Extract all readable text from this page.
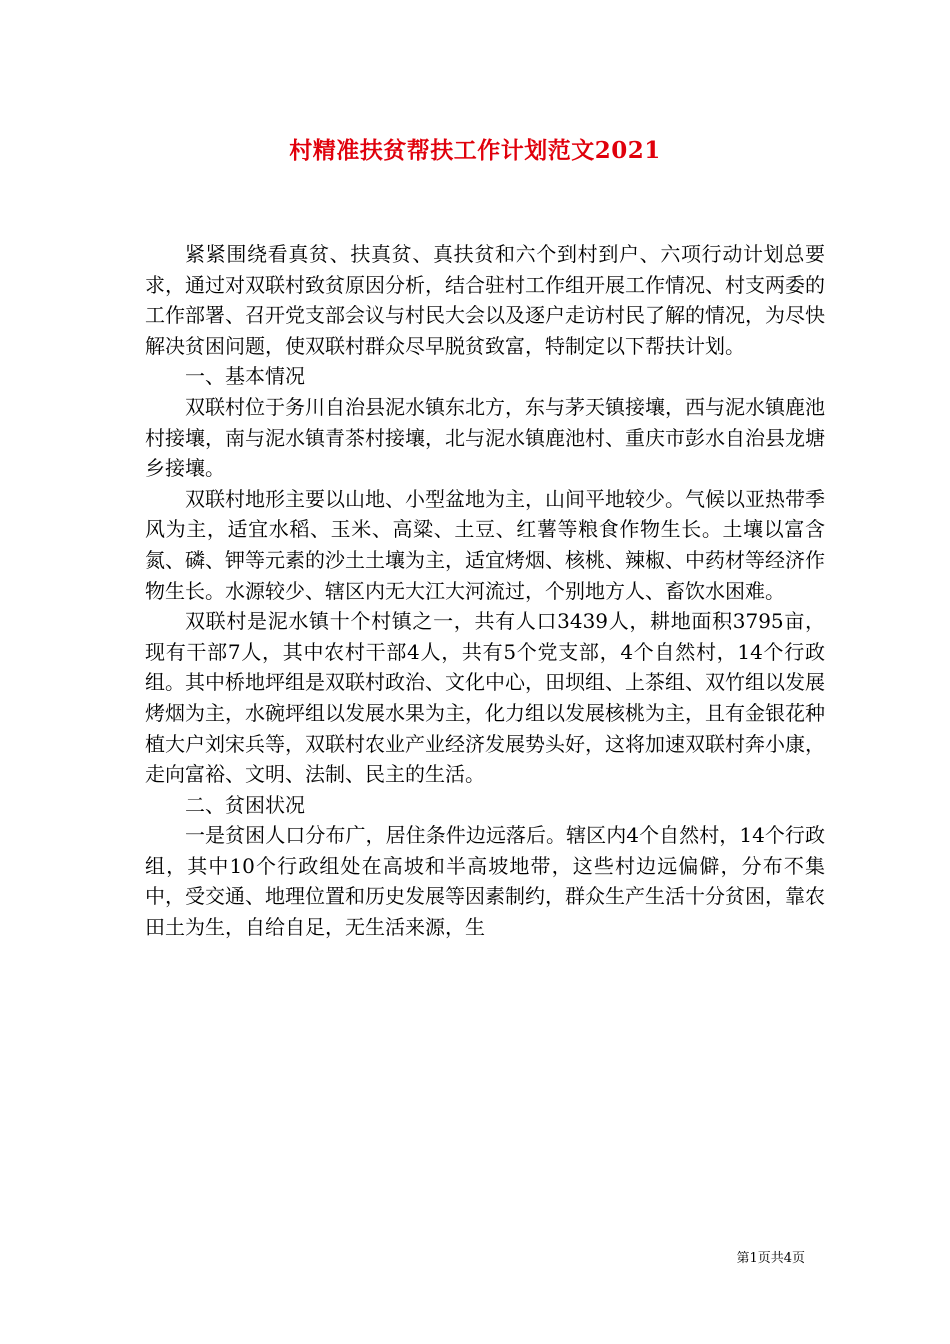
村精准扶贫帮扶工作计划范文2021

紧紧围绕看真贫、扶真贫、真扶贫和六个到村到户、六项行动计划总要求，通过对双联村致贫原因分析，结合驻村工作组开展工作情况、村支两委的工作部署、召开党支部会议与村民大会以及逐户走访村民了解的情况，为尽快解决贫困问题，使双联村群众尽早脱贫致富，特制定以下帮扶计划。

一、基本情况

双联村位于务川自治县泥水镇东北方，东与茅天镇接壤，西与泥水镇鹿池村接壤，南与泥水镇青茶村接壤，北与泥水镇鹿池村、重庆市彭水自治县龙塘乡接壤。

双联村地形主要以山地、小型盆地为主，山间平地较少。气候以亚热带季风为主，适宜水稻、玉米、高粱、土豆、红薯等粮食作物生长。土壤以富含氮、磷、钾等元素的沙土土壤为主，适宜烤烟、核桃、辣椒、中药材等经济作物生长。水源较少、辖区内无大江大河流过，个别地方人、畜饮水困难。

双联村是泥水镇十个村镇之一，共有人口3439人，耕地面积3795亩，现有干部7人，其中农村干部4人，共有5个党支部，4个自然村，14个行政组。其中桥地坪组是双联村政治、文化中心，田坝组、上茶组、双竹组以发展烤烟为主，水碗坪组以发展水果为主，化力组以发展核桃为主，且有金银花种植大户刘宋兵等，双联村农业产业经济发展势头好，这将加速双联村奔小康，走向富裕、文明、法制、民主的生活。

二、贫困状况

一是贫困人口分布广，居住条件边远落后。辖区内4个自然村，14个行政组，其中10个行政组处在高坡和半高坡地带，这些村边远偏僻，分布不集中，受交通、地理位置和历史发展等因素制约，群众生产生活十分贫困，靠农田土为生，自给自足，无生活来源，生

第1页共4页
